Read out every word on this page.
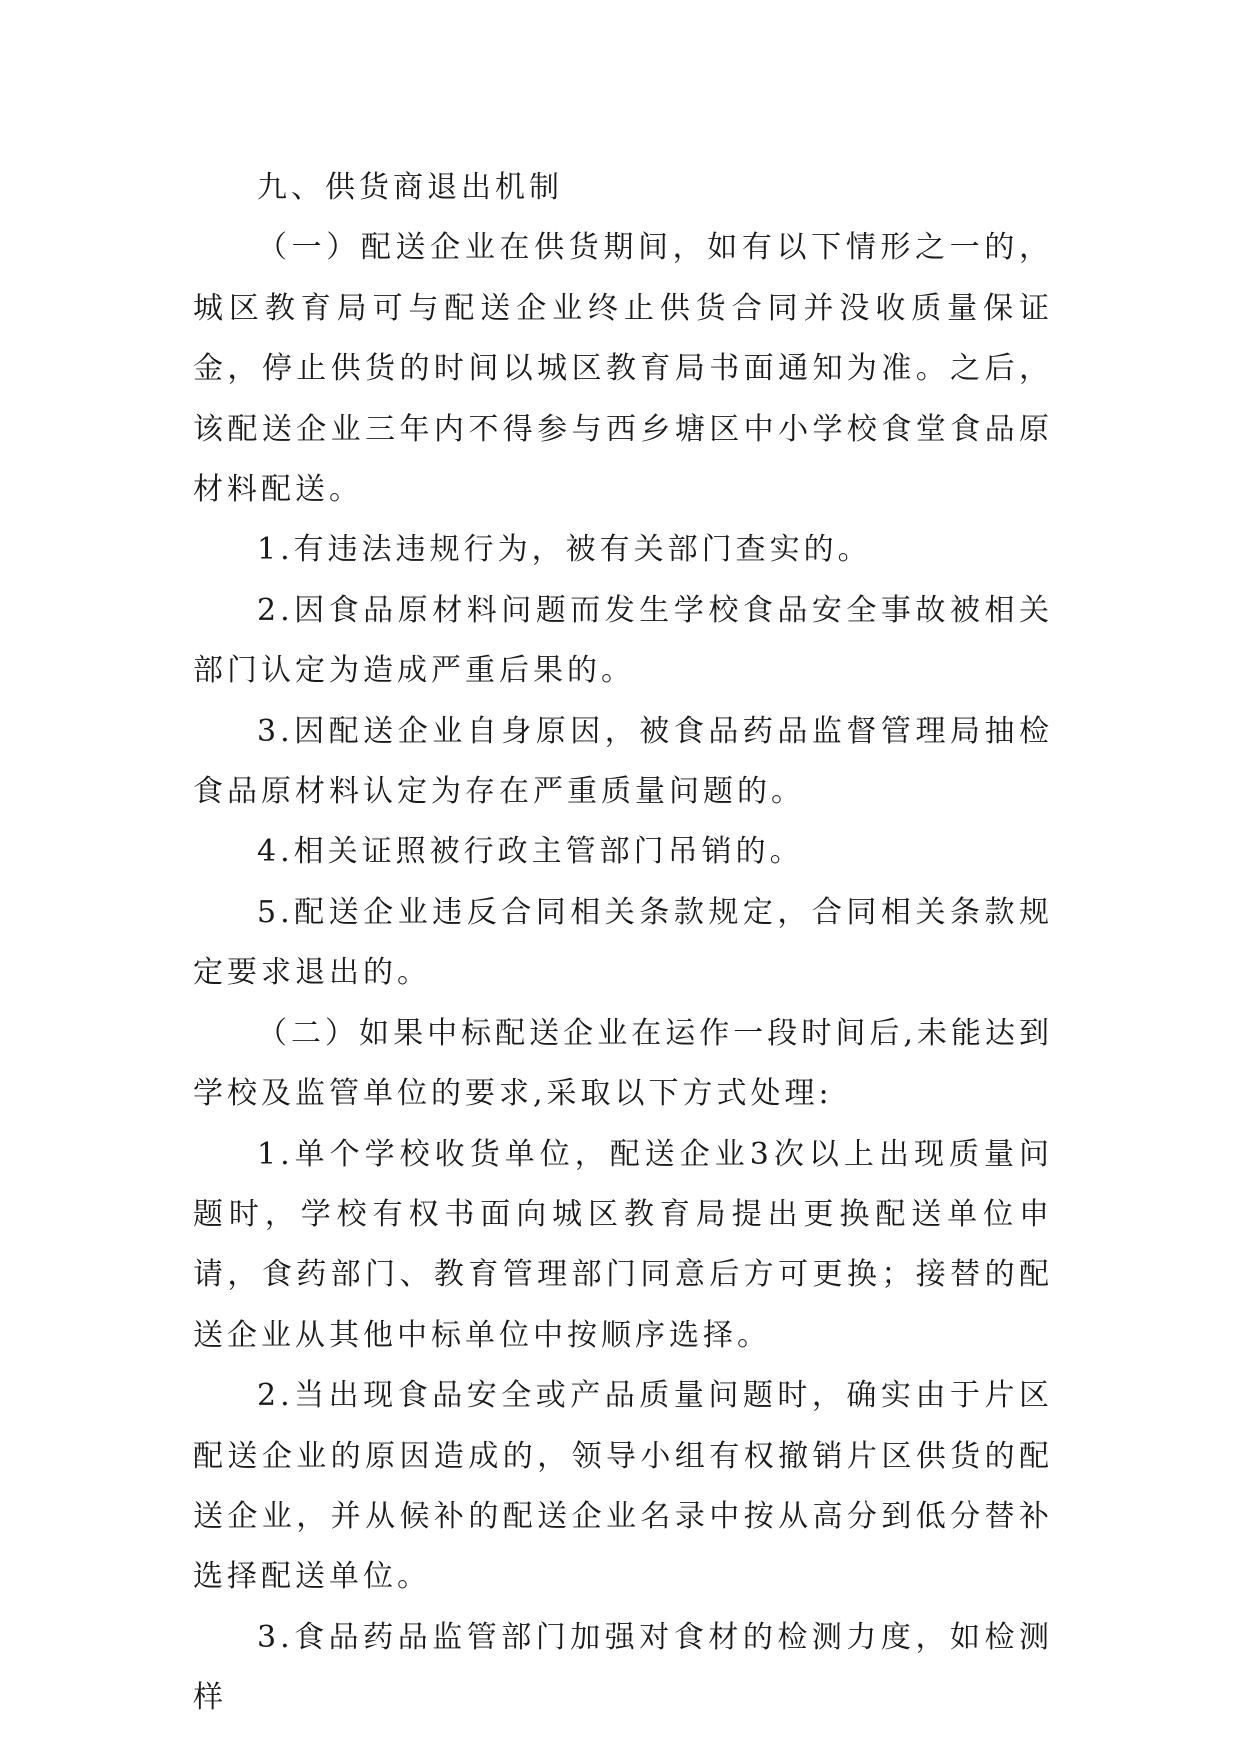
九、供货商退出机制

（一）配送企业在供货期间，如有以下情形之一的，城区教育局可与配送企业终止供货合同并没收质量保证金，停止供货的时间以城区教育局书面通知为准。之后，该配送企业三年内不得参与西乡塘区中小学校食堂食品原材料配送。

1.有违法违规行为，被有关部门查实的。

2.因食品原材料问题而发生学校食品安全事故被相关部门认定为造成严重后果的。

3.因配送企业自身原因，被食品药品监督管理局抽检食品原材料认定为存在严重质量问题的。

4.相关证照被行政主管部门吊销的。

5.配送企业违反合同相关条款规定，合同相关条款规定要求退出的。

（二）如果中标配送企业在运作一段时间后,未能达到学校及监管单位的要求,采取以下方式处理:

1.单个学校收货单位，配送企业3次以上出现质量问题时，学校有权书面向城区教育局提出更换配送单位申请，食药部门、教育管理部门同意后方可更换；接替的配送企业从其他中标单位中按顺序选择。

2.当出现食品安全或产品质量问题时，确实由于片区配送企业的原因造成的，领导小组有权撤销片区供货的配送企业，并从候补的配送企业名录中按从高分到低分替补选择配送单位。

3.食品药品监管部门加强对食材的检测力度，如检测样
